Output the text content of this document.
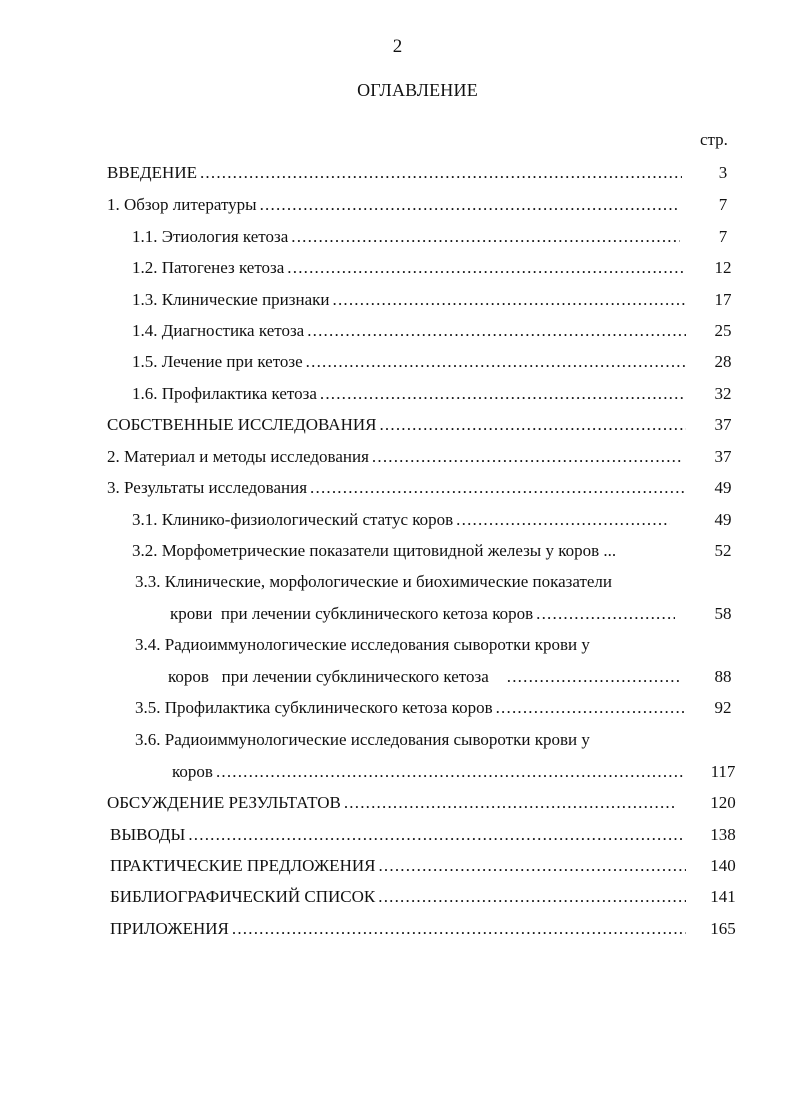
2
ОГЛАВЛЕНИЕ
стр.
ВВЕДЕНИЕ .....	3
1. Обзор литературы .....	7
1.1. Этиология кетоза .....	7
1.2. Патогенез кетоза .....	12
1.3. Клинические признаки .....	17
1.4. Диагностика кетоза .....	25
1.5. Лечение при кетозе .....	28
1.6. Профилактика кетоза .....	32
СОБСТВЕННЫЕ ИССЛЕДОВАНИЯ .....	37
2. Материал и методы исследования .....	37
3. Результаты исследования .....	49
3.1. Клинико-физиологический статус коров .....	49
3.2. Морфометрические показатели щитовидной железы у коров ...	52
3.3. Клинические, морфологические и биохимические показатели
крови  при лечении субклинического кетоза коров .....	58
3.4. Радиоиммунологические исследования сыворотки крови у
коров   при лечении субклинического кетоза .....	88
3.5. Профилактика субклинического кетоза коров .....	92
3.6. Радиоиммунологические исследования сыворотки крови у
коров .....	117
ОБСУЖДЕНИЕ РЕЗУЛЬТАТОВ .....	120
ВЫВОДЫ .....	138
ПРАКТИЧЕСКИЕ ПРЕДЛОЖЕНИЯ .....	140
БИБЛИОГРАФИЧЕСКИЙ СПИСОК .....	141
ПРИЛОЖЕНИЯ .....	165
